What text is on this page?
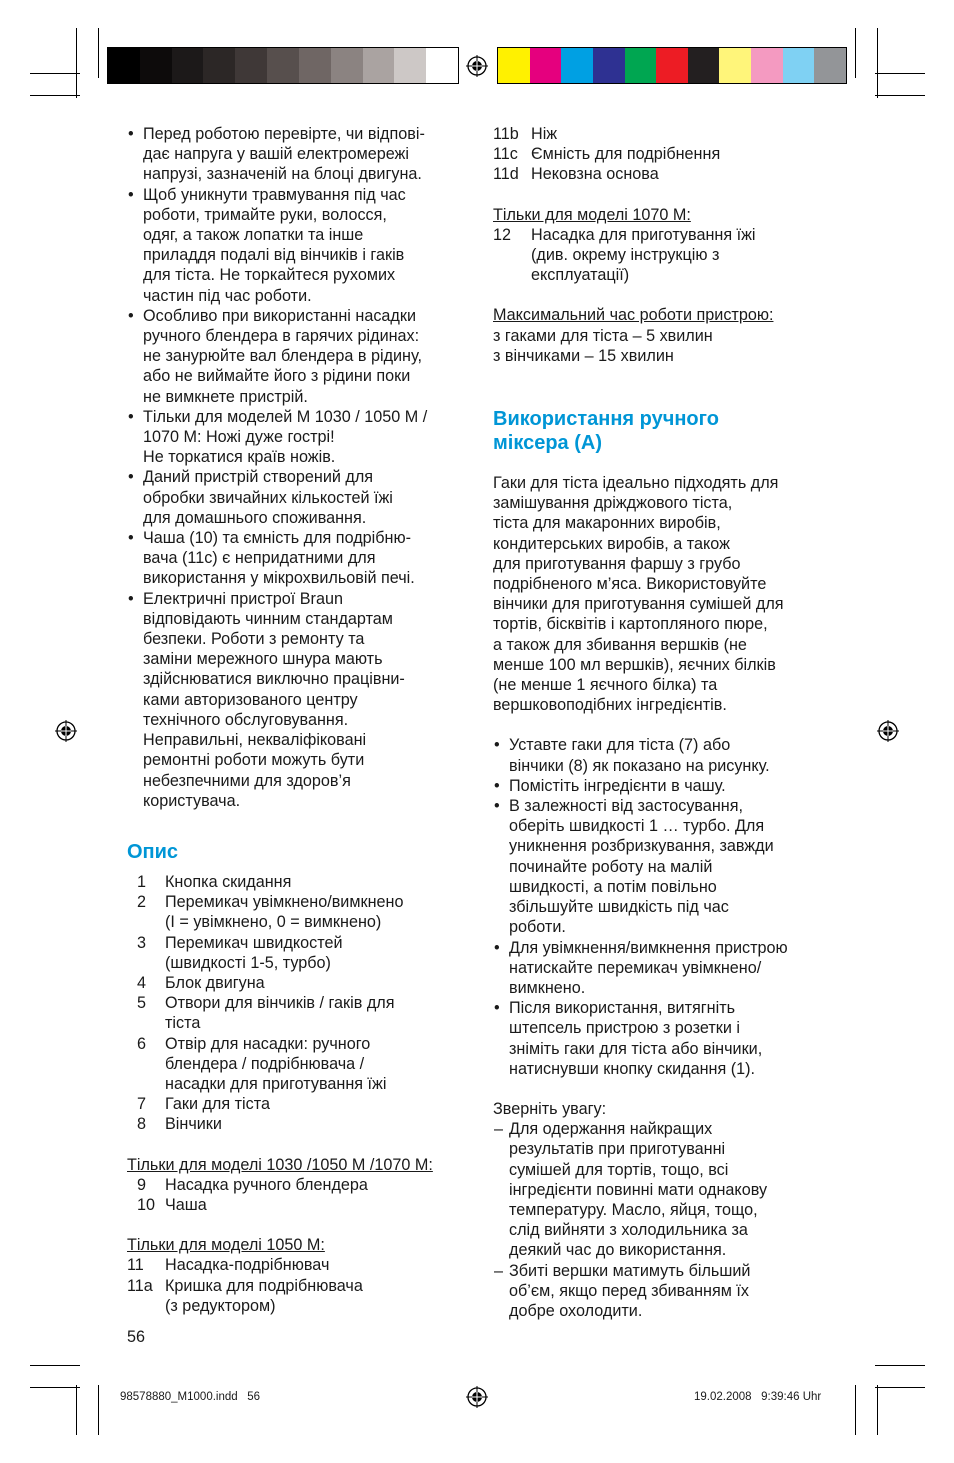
• Перед роботою перевірте, чи відпові-
дає напруга у вашій електромережі
напрузі, зазначеній на блоці двигуна.
• Щоб уникнути травмування під час
роботи, тримайте руки, волосся,
одяг, а також лопатки та інше
приладдя подалі від вінчиків і гаків
для тіста. Не торкайтеся рухомих
частин під час роботи.
• Особливо при використанні насадки
ручного блендера в гарячих рідинах:
не занурюйте вал блендера в рідину,
або не виймайте його з рідини поки
не вимкнете пристрій.
• Тільки для моделей M 1030 / 1050 M /
1070 M: Ножі дуже гострі!
Не торкатися країв ножів.
• Даний пристрій створений для
обробки звичайних кількостей їжі
для домашнього споживання.
• Чаша (10) та ємність для подрібню-
вача (11c) є непридатними для
використання у мікрохвильовій печі.
• Електричні пристрої Braun
відповідають чинним стандартам
безпеки. Роботи з ремонту та
заміни мережного шнура мають
здійснюватися виключно працівни-
ками авторизованого центру
технічного обслуговування.
Неправильні, некваліфіковані
ремонтні роботи можуть бути
небезпечними для здоров’я
користувача.
Опис
1	Кнопка скидання
2	Перемикач увімкнено/вимкнено
(I = увімкнено, 0 = вимкнено)
3	Перемикач швидкостей
(швидкості 1-5, турбо)
4	Блок двигуна
5	Отвори для вінчиків / гаків для
тіста
6	Отвір для насадки: ручного
блендера / подрібнювача /
насадки для приготування їжі
7	Гаки для тіста
8	Вінчики
Тільки для моделі 1030 /1050 M /1070 M:
9	Насадка ручного блендера
10 Чаша
Тільки для моделі 1050 M:
11	Насадка-подрібнювач
11a Кришка для подрібнювача
(з редуктором)
56
11b Ніж
11c Ємність для подрібнення
11d Нековзна основа
Тільки для моделі 1070 M:
12	Насадка для приготування їжі
(див. окрему інструкцію з
експлуатації)
Максимальний час роботи пристрою:
з гаками для тіста – 5 хвилин
з вінчиками – 15 хвилин
Використання ручного
міксера (A)
Гаки для тіста ідеально підходять для
замішування дріжджового тіста,
тіста для макаронних виробів,
кондитерських виробів, а також
для приготування фаршу з грубо
подрібненого м’яса. Використовуйте
вінчики для приготування сумішей для
тортів, бісквітів і картопляного пюре,
а також для збивання вершків (не
менше 100 мл вершків), яєчних білків
(не менше 1 яєчного білка) та
вершковоподібних інгредієнтів.
• Уставте гаки для тіста (7) або
вінчики (8) як показано на рисунку.
• Помістіть інгредієнти в чашу.
• В залежності від застосування,
оберіть швидкості 1 … турбо. Для
уникнення розбризкування, завжди
починайте роботу на малій
швидкості, а потім повільно
збільшуйте швидкість під час
роботи.
• Для увімкнення/вимкнення пристрою
натискайте перемикач увімкнено/
вимкнено.
• Після використання, витягніть
штепсель пристрою з розетки і
зніміть гаки для тіста або вінчики,
натиснувши кнопку скидання (1).
Зверніть увагу:
– Для одержання найкращих
результатів при приготуванні
сумішей для тортів, тощо, всі
інгредієнти повинні мати однакову
температуру. Масло, яйця, тощо,
слід вийняти з холодильника за
деякий час до використання.
– Збиті вершки матимуть більший
об’єм, якщо перед збиванням їх
добре охолодити.
98578880_M1000.indd   56	19.02.2008   9:39:46 Uhr
